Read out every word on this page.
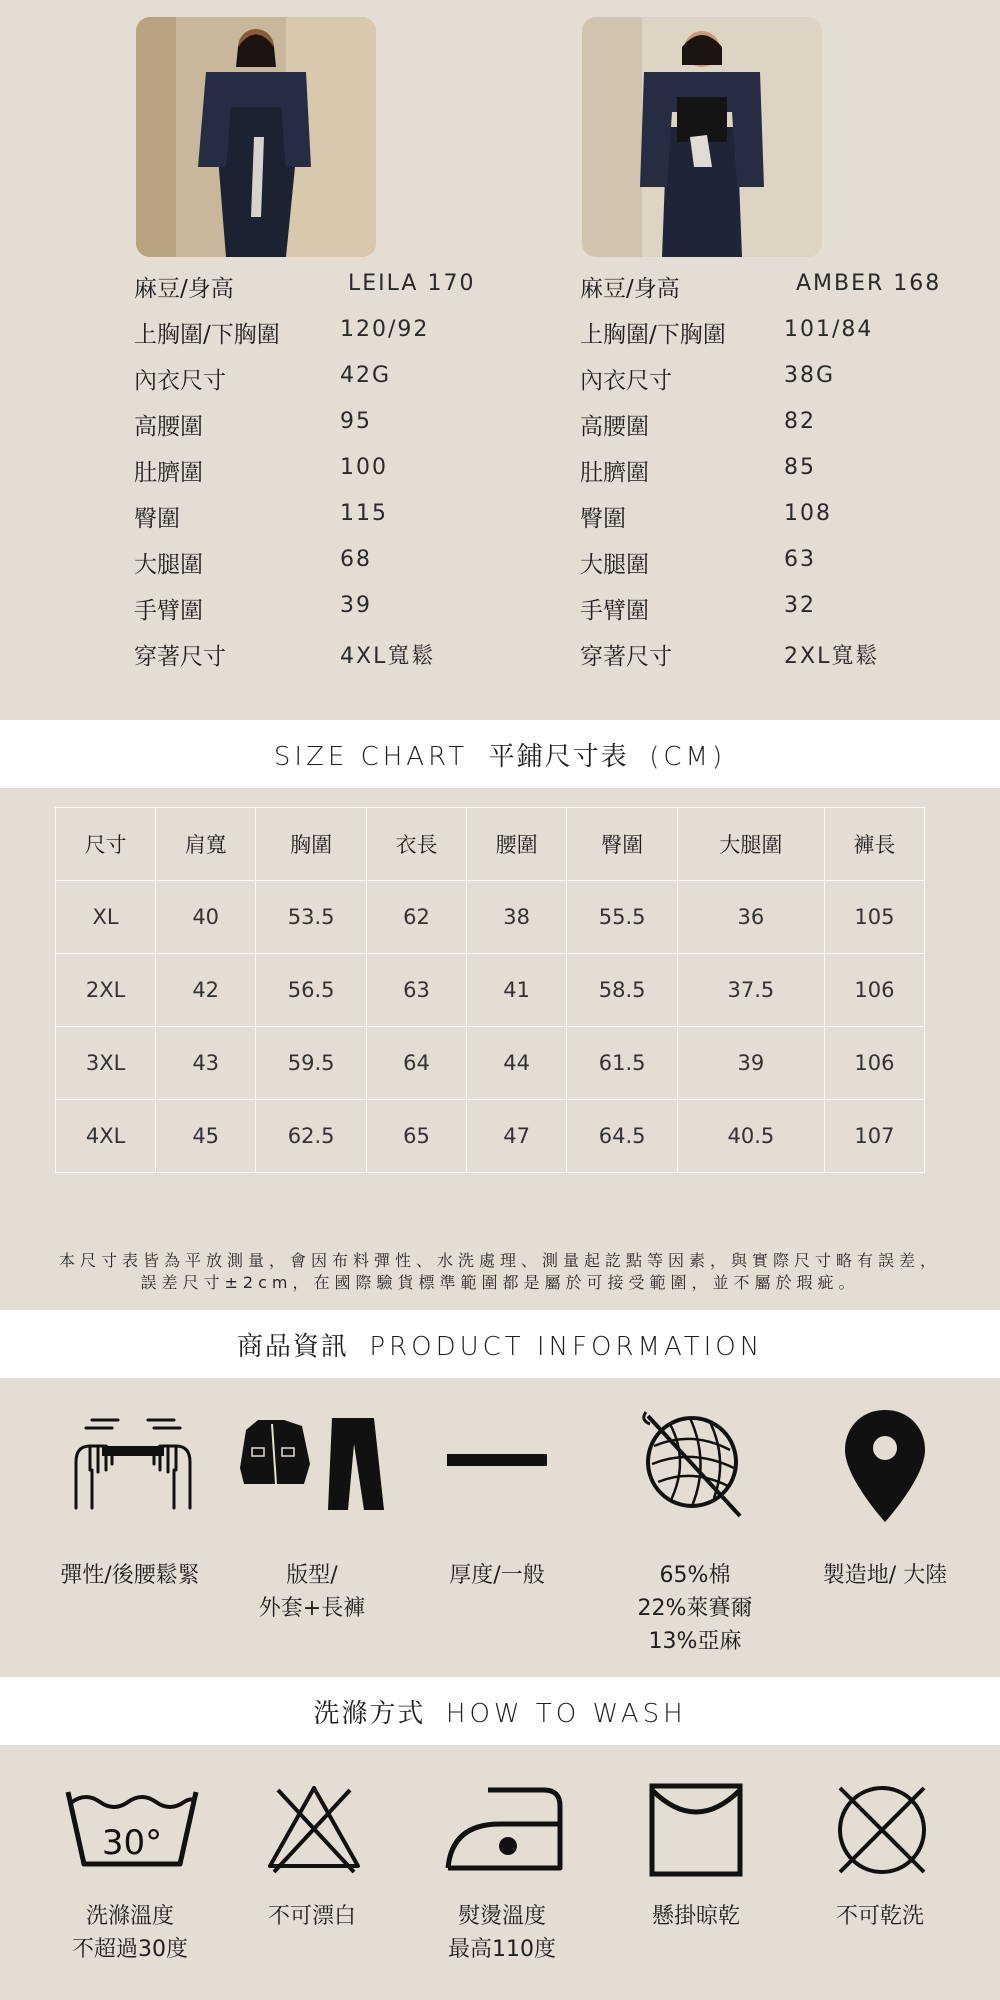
麻豆/身高	LEILA 170
上胸圍/下胸圍	120/92
內衣尺寸	42G
高腰圍	95
肚臍圍	100
臀圍	115
大腿圍	68
手臂圍	39
穿著尺寸	4XL寬鬆
麻豆/身高	AMBER 168
上胸圍/下胸圍	101/84
內衣尺寸	38G
高腰圍	82
肚臍圍	85
臀圍	108
大腿圍	63
手臂圍	32
穿著尺寸	2XL寬鬆
SIZE CHART 平鋪尺寸表 (CM)
尺寸	肩寬	胸圍	衣長	腰圍	臀圍	大腿圍	褲長
XL	40	53.5	62	38	55.5	36	105
2XL	42	56.5	63	41	58.5	37.5	106
3XL	43	59.5	64	44	61.5	39	106
4XL	45	62.5	65	47	64.5	40.5	107
本尺寸表皆為平放測量，會因布料彈性、水洗處理、測量起訖點等因素，與實際尺寸略有誤差，
誤差尺寸±2cm，在國際驗貨標準範圍都是屬於可接受範圍，並不屬於瑕疵。
商品資訊 PRODUCT INFORMATION
彈性/後腰鬆緊	版型/
外套+長褲
厚度/一般	65%棉
22%萊賽爾
13%亞麻
製造地/ 大陸
洗滌方式 HOW TO WASH
30°
洗滌溫度
不超過30度
不可漂白	熨燙溫度
最高110度
懸掛晾乾	不可乾洗
